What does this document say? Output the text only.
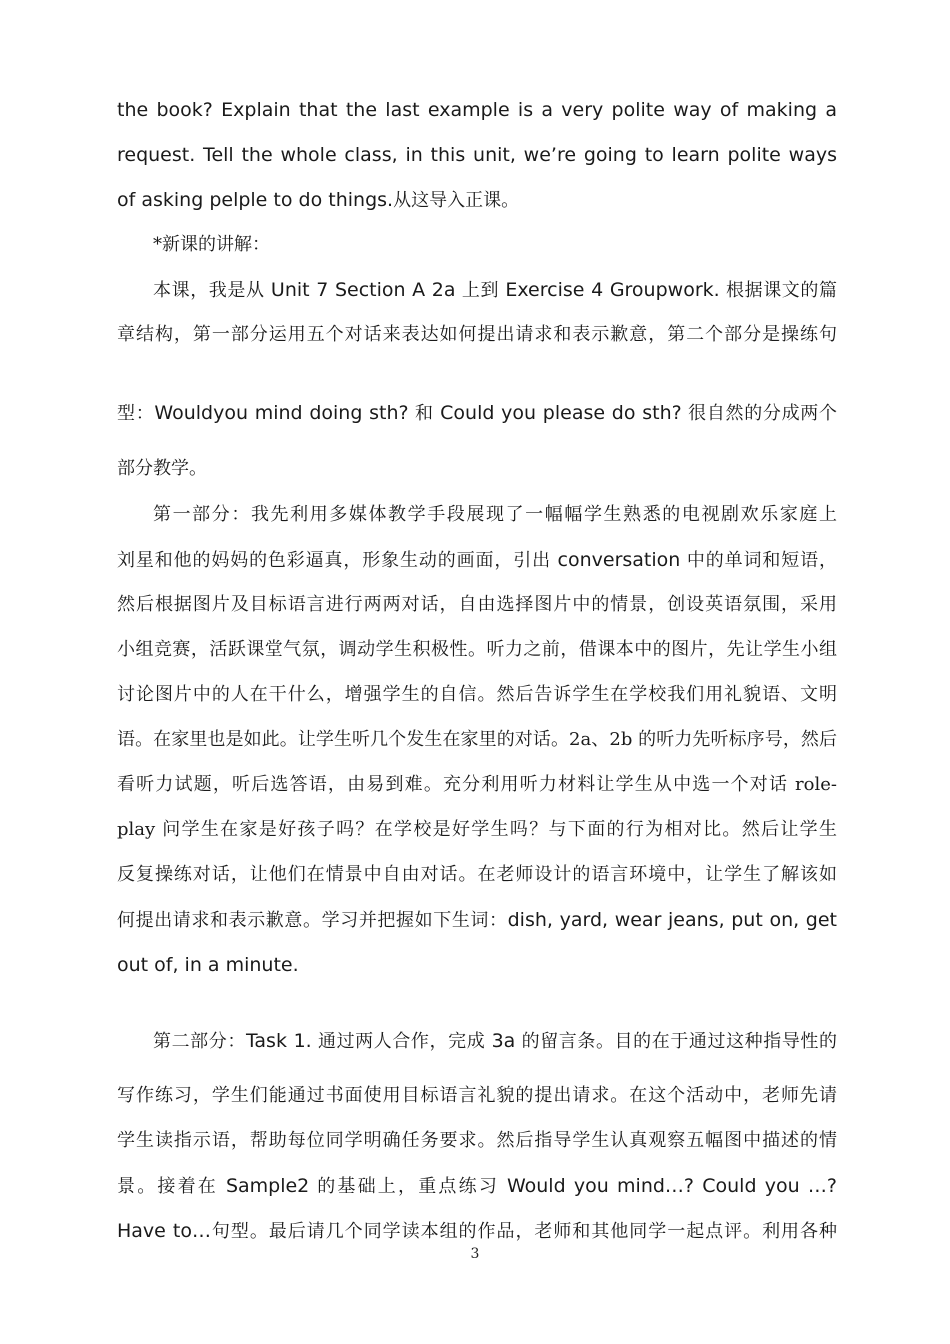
the book? Explain that the last example is a very polite way of making a
request. Tell the whole class, in this unit, we’re going to learn polite ways
of asking pelple to do things.从这导入正课。
*新课的讲解：
本课，我是从 Unit 7 Section A 2a 上到 Exercise 4 Groupwork. 根据课文的篇
章结构，第一部分运用五个对话来表达如何提出请求和表示歉意，第二个部分是操练句
型：Wouldyou mind doing sth? 和 Could you please do sth? 很自然的分成两个
部分教学。
第一部分：我先利用多媒体教学手段展现了一幅幅学生熟悉的电视剧欢乐家庭上
刘星和他的妈妈的色彩逼真，形象生动的画面，引出 conversation 中的单词和短语，
然后根据图片及目标语言进行两两对话，自由选择图片中的情景，创设英语氛围，采用
小组竞赛，活跃课堂气氛，调动学生积极性。听力之前，借课本中的图片，先让学生小组
讨论图片中的人在干什么，增强学生的自信。然后告诉学生在学校我们用礼貌语、文明
语。在家里也是如此。让学生听几个发生在家里的对话。2a、2b 的听力先听标序号，然后
看听力试题，听后选答语，由易到难。充分利用听力材料让学生从中选一个对话 role-
play 问学生在家是好孩子吗？在学校是好学生吗？与下面的行为相对比。然后让学生
反复操练对话，让他们在情景中自由对话。在老师设计的语言环境中，让学生了解该如
何提出请求和表示歉意。学习并把握如下生词：dish, yard, wear jeans, put on, get
out of, in a minute.
第二部分：Task 1. 通过两人合作，完成 3a 的留言条。目的在于通过这种指导性的
写作练习，学生们能通过书面使用目标语言礼貌的提出请求。在这个活动中，老师先请
学生读指示语，帮助每位同学明确任务要求。然后指导学生认真观察五幅图中描述的情
景。接着在 Sample2 的基础上，重点练习 Would you mind…? Could you …?
Have to…句型。最后请几个同学读本组的作品，老师和其他同学一起点评。利用各种
3
